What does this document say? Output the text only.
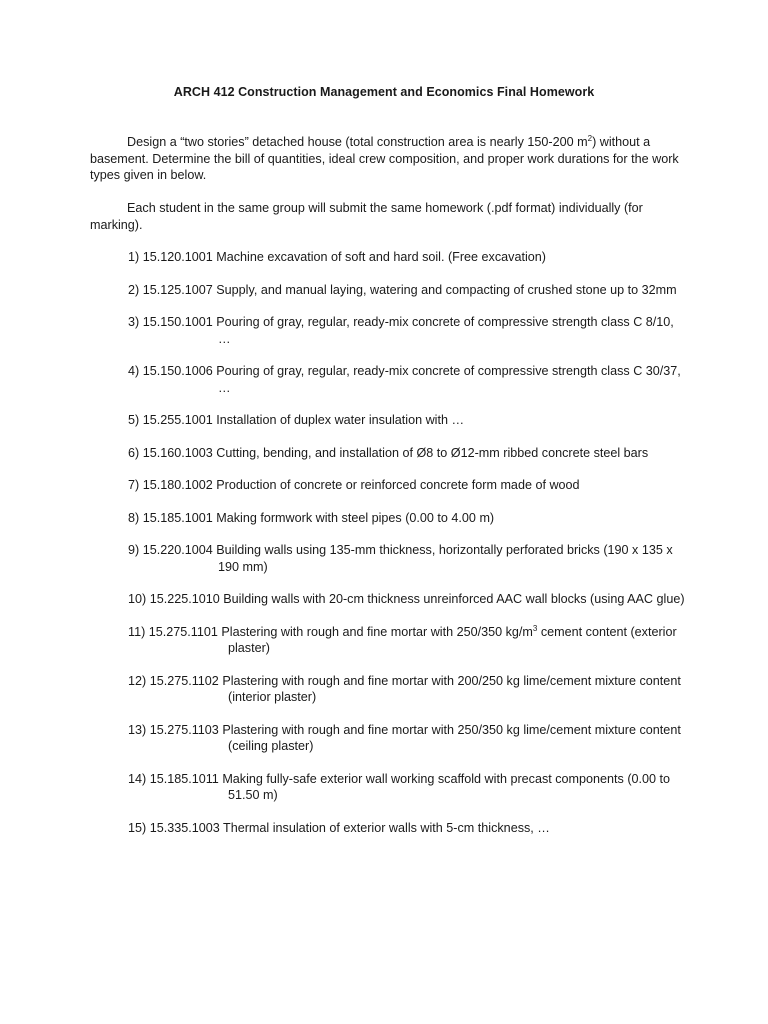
ARCH 412 Construction Management and Economics Final Homework

Design a “two stories” detached house (total construction area is nearly 150-200 $m^2$) without a basement. Determine the bill of quantities, ideal crew composition, and proper work durations for the work types given in below.

Each student in the same group will submit the same homework (.pdf format) individually (for marking).

1) 15.120.1001 Machine excavation of soft and hard soil. (Free excavation)
2) 15.125.1007 Supply, and manual laying, watering and compacting of crushed stone up to 32mm
3) 15.150.1001 Pouring of gray, regular, ready-mix concrete of compressive strength class C 8/10, …
4) 15.150.1006 Pouring of gray, regular, ready-mix concrete of compressive strength class C 30/37, …
5) 15.255.1001 Installation of duplex water insulation with …
6) 15.160.1003 Cutting, bending, and installation of Ø8 to Ø12-mm ribbed concrete steel bars
7) 15.180.1002 Production of concrete or reinforced concrete form made of wood
8) 15.185.1001 Making formwork with steel pipes (0.00 to 4.00 m)
9) 15.220.1004 Building walls using 135-mm thickness, horizontally perforated bricks (190 x 135 x 190 mm)
10) 15.225.1010 Building walls with 20-cm thickness unreinforced AAC wall blocks (using AAC glue)
11) 15.275.1101 Plastering with rough and fine mortar with 250/350 $kg/m^3$ cement content (exterior plaster)
12) 15.275.1102 Plastering with rough and fine mortar with 200/250 kg lime/cement mixture content (interior plaster)
13) 15.275.1103 Plastering with rough and fine mortar with 250/350 kg lime/cement mixture content (ceiling plaster)
14) 15.185.1011 Making fully-safe exterior wall working scaffold with precast components (0.00 to 51.50 m)
15) 15.335.1003 Thermal insulation of exterior walls with 5-cm thickness, …
